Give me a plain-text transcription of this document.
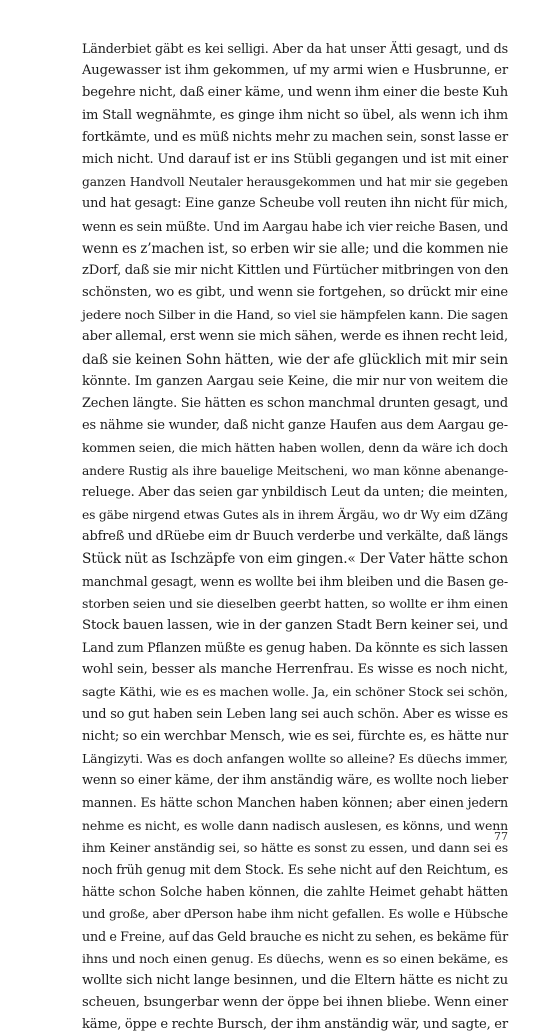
Länderbiet gäbt es kei selligi. Aber da hat unser Ätti gesagt, und ds
Augewasser ist ihm gekommen, uf my armi wien e Husbrunne, er
begehre nicht, daß einer käme, und wenn ihm einer die beste Kuh
im Stall wegnähmte, es ginge ihm nicht so übel, als wenn ich ihm
fortkämte, und es müß nichts mehr zu machen sein, sonst lasse er
mich nicht. Und darauf ist er ins Stübli gegangen und ist mit einer
ganzen Handvoll Neutaler herausgekommen und hat mir sie gegeben
und hat gesagt: Eine ganze Scheube voll reuten ihn nicht für mich,
wenn es sein müßte. Und im Aargau habe ich vier reiche Basen, und
wenn es z’machen ist, so erben wir sie alle; und die kommen nie
zDorf, daß sie mir nicht Kittlen und Fürtücher mitbringen von den
schönsten, wo es gibt, und wenn sie fortgehen, so drückt mir eine
jedere noch Silber in die Hand, so viel sie hämpfelen kann. Die sagen
aber allemal, erst wenn sie mich sähen, werde es ihnen recht leid,
daß sie keinen Sohn hätten, wie der afe glücklich mit mir sein
könnte. Im ganzen Aargau seie Keine, die mir nur von weitem die
Zechen längte. Sie hätten es schon manchmal drunten gesagt, und
es nähme sie wunder, daß nicht ganze Haufen aus dem Aargau ge-
kommen seien, die mich hätten haben wollen, denn da wäre ich doch
andere Rustig als ihre bauelige Meitscheni, wo man könne abenange-
reluege. Aber das seien gar ynbildisch Leut da unten; die meinten,
es gäbe nirgend etwas Gutes als in ihrem Ärgäu, wo dr Wy eim dZäng
abfreß und dRüebe eim dr Buuch verderbe und verkälte, daß längs
Stück nüt as Ischzäpfe von eim gingen.« Der Vater hätte schon
manchmal gesagt, wenn es wollte bei ihm bleiben und die Basen ge-
storben seien und sie dieselben geerbt hatten, so wollte er ihm einen
Stock bauen lassen, wie in der ganzen Stadt Bern keiner sei, und
Land zum Pflanzen müßte es genug haben. Da könnte es sich lassen
wohl sein, besser als manche Herrenfrau. Es wisse es noch nicht,
sagte Käthi, wie es es machen wolle. Ja, ein schöner Stock sei schön,
und so gut haben sein Leben lang sei auch schön. Aber es wisse es
nicht; so ein werchbar Mensch, wie es sei, fürchte es, es hätte nur
Längizyti. Was es doch anfangen wollte so alleine? Es düechs immer,
wenn so einer käme, der ihm anständig wäre, es wollte noch lieber
mannen. Es hätte schon Manchen haben können; aber einen jedern
nehme es nicht, es wolle dann nadisch auslesen, es könns, und wenn
ihm Keiner anständig sei, so hätte es sonst zu essen, und dann sei es
noch früh genug mit dem Stock. Es sehe nicht auf den Reichtum, es
hätte schon Solche haben können, die zahlte Heimet gehabt hätten
und große, aber dPerson habe ihm nicht gefallen. Es wolle e Hübsche
und e Freine, auf das Geld brauche es nicht zu sehen, es bekäme für
ihns und noch einen genug. Es düechs, wenn es so einen bekäme, es
wollte sich nicht lange besinnen, und die Eltern hätte es nicht zu
scheuen, bsungerbar wenn der öppe bei ihnen bliebe. Wenn einer
käme, öppe e rechte Bursch, der ihm anständig wär, und sagte, er
77
